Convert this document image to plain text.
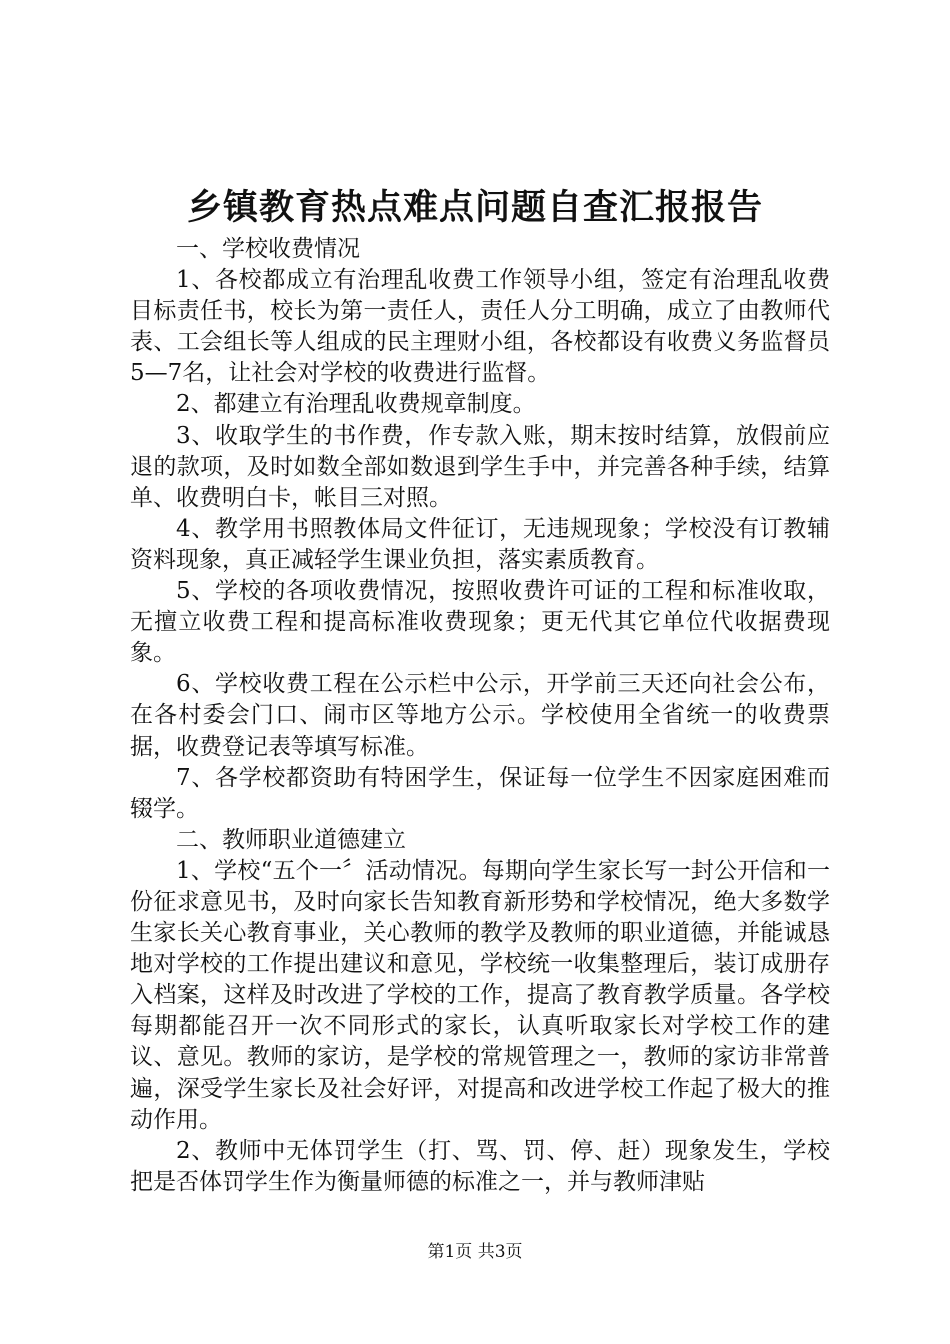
乡镇教育热点难点问题自查汇报报告

一、学校收费情况

1、各校都成立有治理乱收费工作领导小组，签定有治理乱收费目标责任书，校长为第一责任人，责任人分工明确，成立了由教师代表、工会组长等人组成的民主理财小组，各校都设有收费义务监督员5—7名，让社会对学校的收费进行监督。

2、都建立有治理乱收费规章制度。

3、收取学生的书作费，作专款入账，期末按时结算，放假前应退的款项，及时如数全部如数退到学生手中，并完善各种手续，结算单、收费明白卡，帐目三对照。

4、教学用书照教体局文件征订，无违规现象；学校没有订教辅资料现象，真正减轻学生课业负担，落实素质教育。

5、学校的各项收费情况，按照收费许可证的工程和标准收取，无擅立收费工程和提高标准收费现象；更无代其它单位代收据费现象。

6、学校收费工程在公示栏中公示，开学前三天还向社会公布，在各村委会门口、闹市区等地方公示。学校使用全省统一的收费票据，收费登记表等填写标准。

7、各学校都资助有特困学生，保证每一位学生不因家庭困难而辍学。

二、教师职业道德建立

1、学校“五个一〞活动情况。每期向学生家长写一封公开信和一份征求意见书，及时向家长告知教育新形势和学校情况，绝大多数学生家长关心教育事业，关心教师的教学及教师的职业道德，并能诚恳地对学校的工作提出建议和意见，学校统一收集整理后，装订成册存入档案，这样及时改进了学校的工作，提高了教育教学质量。各学校每期都能召开一次不同形式的家长，认真听取家长对学校工作的建议、意见。教师的家访，是学校的常规管理之一，教师的家访非常普遍，深受学生家长及社会好评，对提高和改进学校工作起了极大的推动作用。

2、教师中无体罚学生（打、骂、罚、停、赶）现象发生，学校把是否体罚学生作为衡量师德的标准之一，并与教师津贴

第1页 共3页
